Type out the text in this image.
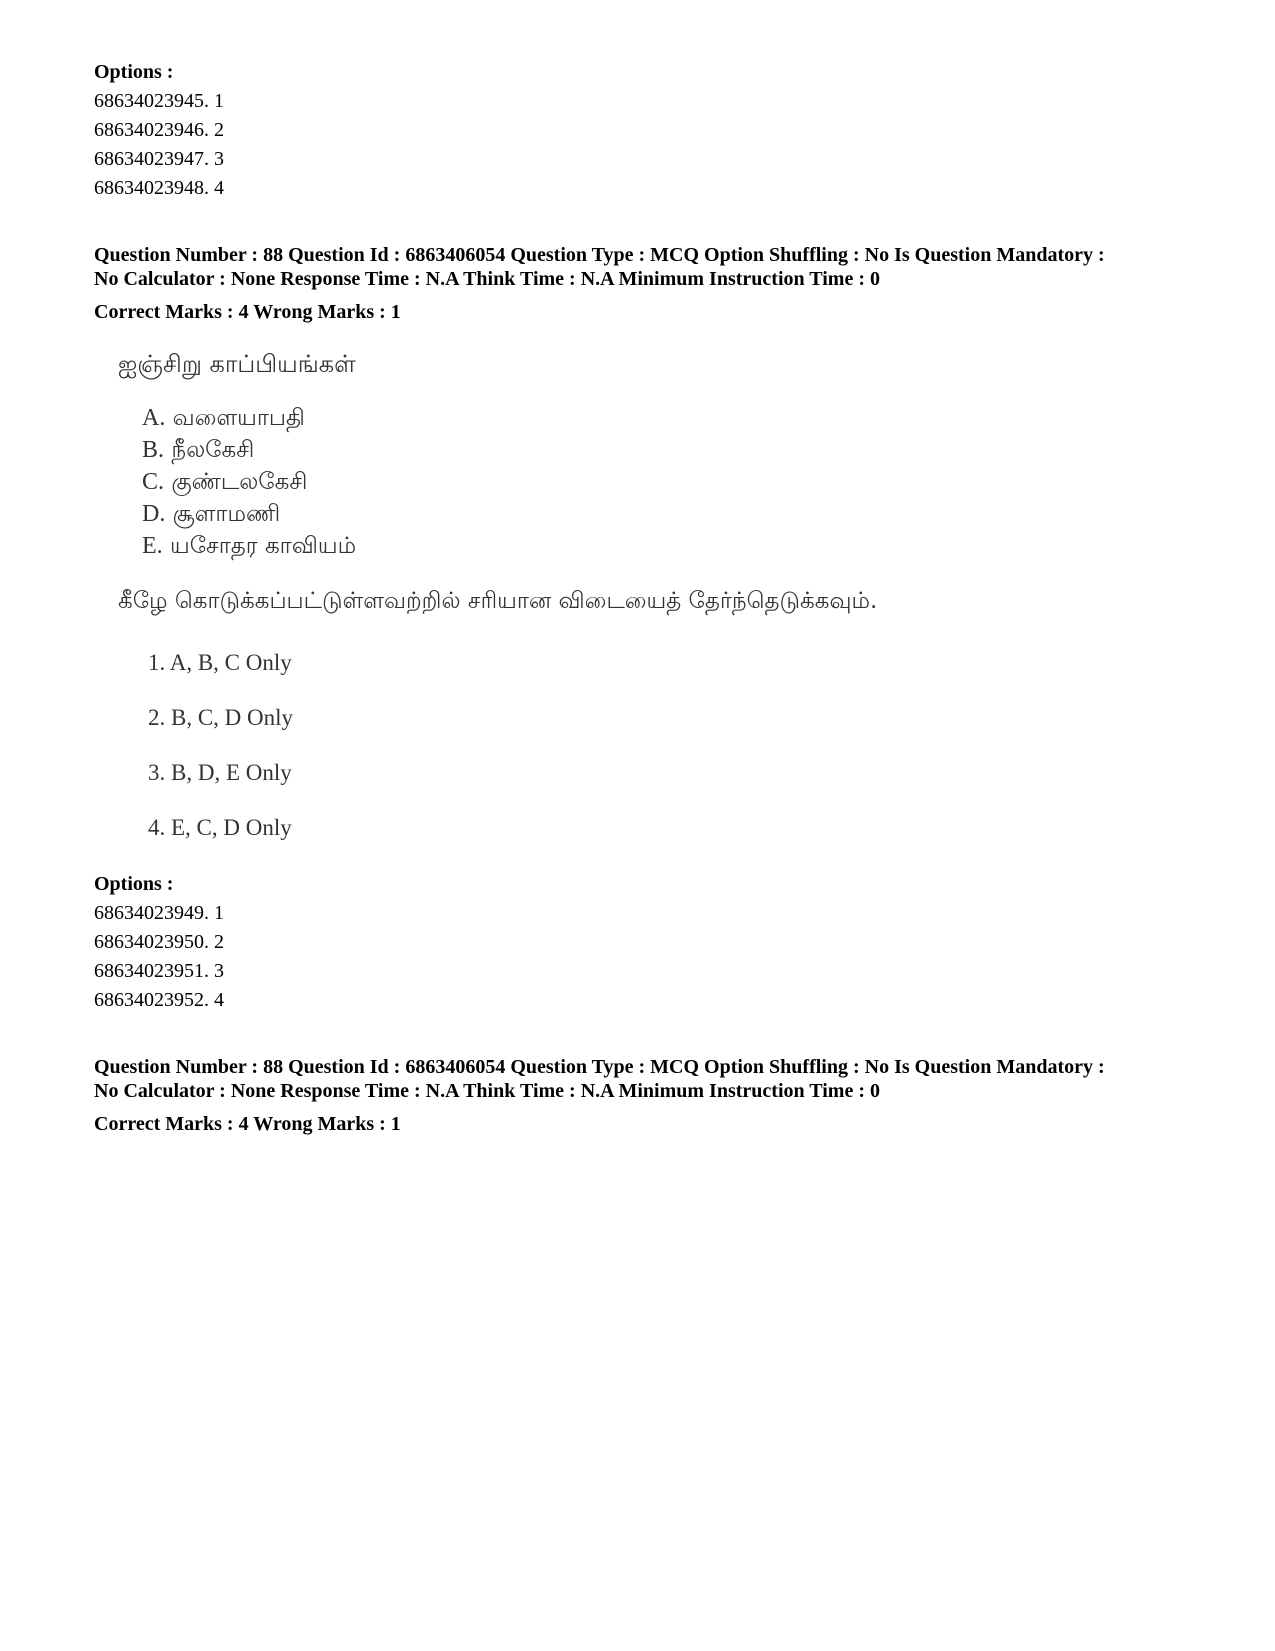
Options :
68634023945. 1
68634023946. 2
68634023947. 3
68634023948. 4
Question Number : 88 Question Id : 6863406054 Question Type : MCQ Option Shuffling : No Is Question Mandatory :
No Calculator : None Response Time : N.A Think Time : N.A Minimum Instruction Time : 0
Correct Marks : 4 Wrong Marks : 1
ஐஞ்சிறு காப்பியங்கள்
A. வளையாபதி
B. நீலகேசி
C. குண்டலகேசி
D. சூளாமணி
E. யசோதர காவியம்
கீழே கொடுக்கப்பட்டுள்ளவற்றில் சரியான விடையைத் தேர்ந்தெடுக்கவும்.
1. A, B, C Only
2. B, C, D Only
3. B, D, E Only
4. E, C, D Only
Options :
68634023949. 1
68634023950. 2
68634023951. 3
68634023952. 4
Question Number : 88 Question Id : 6863406054 Question Type : MCQ Option Shuffling : No Is Question Mandatory :
No Calculator : None Response Time : N.A Think Time : N.A Minimum Instruction Time : 0
Correct Marks : 4 Wrong Marks : 1
